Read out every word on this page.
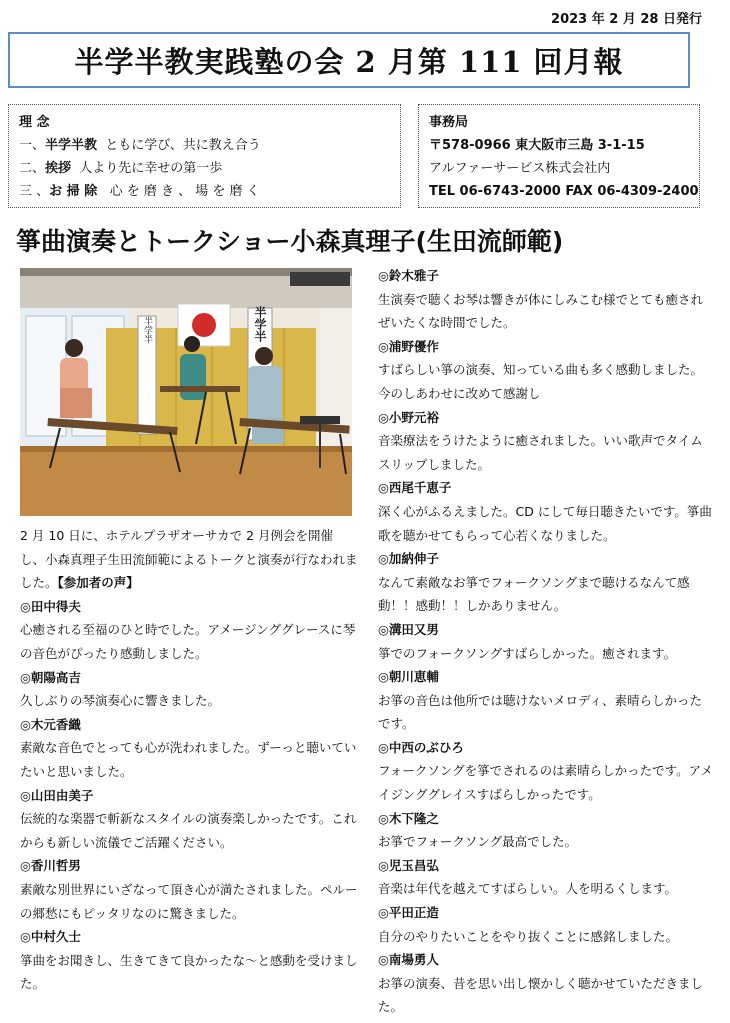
2023 年 2 月 28 日発行
半学半教実践塾の会 2 月第 111 回月報
理 念
一、半学半教 ともに学び、共に教え合う
二、挨拶 人より先に幸せの第一歩
三 、お 掃 除 心 を 磨 き 、 場 を 磨 く
事務局
〒578-0966 東大阪市三島 3-1-15
アルファーサービス株式会社内
TEL 06-6743-2000 FAX 06-4309-2400
箏曲演奏とトークショー小森真理子(生田流師範)
半学半	半学半

2 月 10 日に、ホテルプラザオーサカで 2 月例会を開催し、小森真理子生田流師範によるトークと演奏が行なわれました。【参加者の声】

◎田中得夫

心癒される至福のひと時でした。アメージンググレースに琴の音色がぴったり感動しました。

◎朝陽高吉

久しぶりの琴演奏心に響きました。

◎木元香織

素敵な音色でとっても心が洗われました。ずーっと聴いていたいと思いました。

◎山田由美子

伝統的な楽器で斬新なスタイルの演奏楽しかったです。これからも新しい流儀でご活躍ください。

◎香川哲男

素敵な別世界にいざなって頂き心が満たされました。ペルーの郷愁にもピッタリなのに驚きました。

◎中村久士

箏曲をお聞きし、生きてきて良かったな〜と感動を受けました。

◎鈴木雅子

生演奏で聴くお琴は響きが体にしみこむ様でとても癒されぜいたくな時間でした。

◎浦野優作

すばらしい箏の演奏、知っている曲も多く感動しました。今のしあわせに改めて感謝し

◎小野元裕

音楽療法をうけたように癒されました。いい歌声でタイムスリップしました。

◎西尾千恵子

深く心がふるえました。CD にして毎日聴きたいです。箏曲歌を聴かせてもらって心若くなりました。

◎加納伸子

なんて素敵なお箏でフォークソングまで聴けるなんて感動！！感動！！しかありません。

◎溝田又男

箏でのフォークソングすばらしかった。癒されます。

◎朝川恵輔

お箏の音色は他所では聴けないメロディ、素晴らしかったです。

◎中西のぶひろ

フォークソングを箏でされるのは素晴らしかったです。アメイジンググレイスすばらしかったです。

◎木下隆之

お箏でフォークソング最高でした。

◎児玉昌弘

音楽は年代を越えてすばらしい。人を明るくします。

◎平田正造

自分のやりたいことをやり抜くことに感銘しました。

◎南場勇人

お箏の演奏、昔を思い出し懐かしく聴かせていただきました。
